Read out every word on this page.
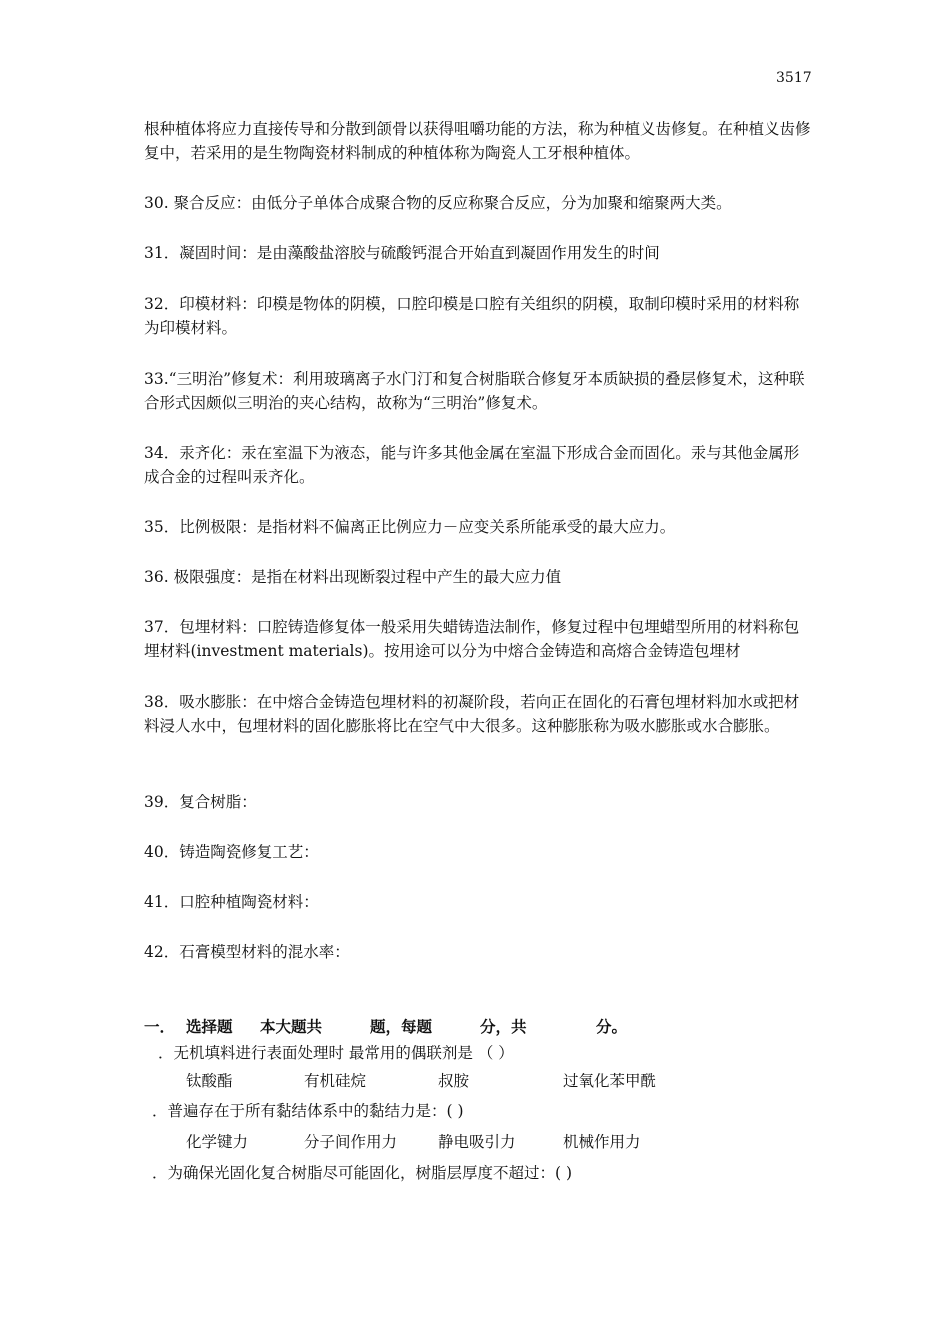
3517

根种植体将应力直接传导和分散到颌骨以获得咀嚼功能的方法，称为种植义齿修复。在种植义齿修复中，若采用的是生物陶瓷材料制成的种植体称为陶瓷人工牙根种植体。

30. 聚合反应：由低分子单体合成聚合物的反应称聚合反应，分为加聚和缩聚两大类。

31．凝固时间：是由藻酸盐溶胶与硫酸钙混合开始直到凝固作用发生的时间

32．印模材料：印模是物体的阴模，口腔印模是口腔有关组织的阴模，取制印模时采用的材料称为印模材料。

33.“三明治”修复术：利用玻璃离子水门汀和复合树脂联合修复牙本质缺损的叠层修复术，这种联合形式因颇似三明治的夹心结构，故称为“三明治”修复术。

34．汞齐化：汞在室温下为液态，能与许多其他金属在室温下形成合金而固化。汞与其他金属形成合金的过程叫汞齐化。

35．比例极限：是指材料不偏离正比例应力－应变关系所能承受的最大应力。

36. 极限强度：是指在材料出现断裂过程中产生的最大应力值

37．包埋材料：口腔铸造修复体一般采用失蜡铸造法制作，修复过程中包埋蜡型所用的材料称包埋材料(investment materials)。按用途可以分为中熔合金铸造和高熔合金铸造包埋材

38．吸水膨胀：在中熔合金铸造包埋材料的初凝阶段，若向正在固化的石膏包埋材料加水或把材料浸人水中，包埋材料的固化膨胀将比在空气中大很多。这种膨胀称为吸水膨胀或水合膨胀。

39．复合树脂：

40．铸造陶瓷修复工艺：

41．口腔种植陶瓷材料：

42．石膏模型材料的混水率：

一． 选择题 本大题共	题，每题	分，共	分。
．无机填料进行表面处理时 最常用的偶联剂是 （ ）
钛酸酯	有机硅烷	叔胺	过氧化苯甲酰
．普遍存在于所有黏结体系中的黏结力是：( )
化学键力	分子间作用力	静电吸引力	机械作用力
．为确保光固化复合树脂尽可能固化，树脂层厚度不超过：( )
